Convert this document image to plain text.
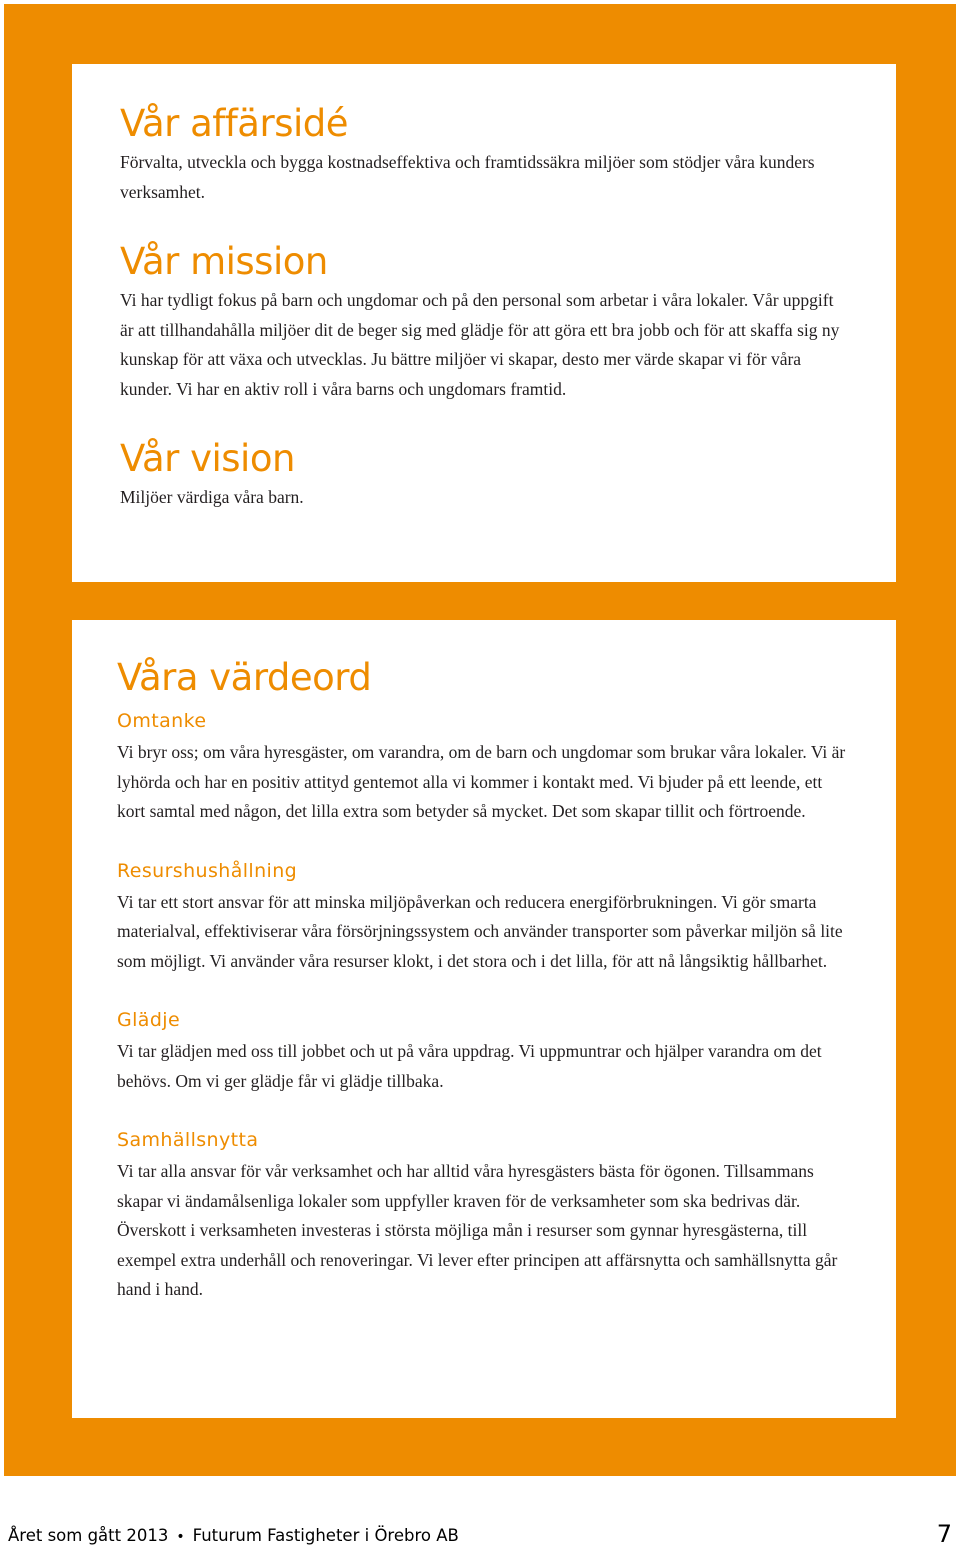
Vår affärsidé

Förvalta, utveckla och bygga kostnadseffektiva och framtidssäkra miljöer som stödjer våra kunders verksamhet.

Vår mission

Vi har tydligt fokus på barn och ungdomar och på den personal som arbetar i våra lokaler. Vår uppgift är att tillhandahålla miljöer dit de beger sig med glädje för att göra ett bra jobb och för att skaffa sig ny kunskap för att växa och utvecklas. Ju bättre miljöer vi skapar, desto mer värde skapar vi för våra kunder. Vi har en aktiv roll i våra barns och ungdomars framtid.

Vår vision

Miljöer värdiga våra barn.

Våra värdeord
Omtanke

Vi bryr oss; om våra hyresgäster, om varandra, om de barn och ungdomar som brukar våra lokaler. Vi är lyhörda och har en positiv attityd gentemot alla vi kommer i kontakt med. Vi bjuder på ett leende, ett kort samtal med någon, det lilla extra som betyder så mycket. Det som skapar tillit och förtroende.

Resurshushållning

Vi tar ett stort ansvar för att minska miljöpåverkan och reducera energiförbrukningen. Vi gör smarta materialval, effektiviserar våra försörjningssystem och använder transporter som påverkar miljön så lite som möjligt. Vi använder våra resurser klokt, i det stora och i det lilla, för att nå långsiktig hållbarhet.

Glädje

Vi tar glädjen med oss till jobbet och ut på våra uppdrag. Vi uppmuntrar och hjälper varandra om det behövs. Om vi ger glädje får vi glädje tillbaka.

Samhällsnytta

Vi tar alla ansvar för vår verksamhet och har alltid våra hyresgästers bästa för ögonen. Tillsammans skapar vi ändamålsenliga lokaler som uppfyller kraven för de verksamheter som ska bedrivas där. Överskott i verksamheten investeras i största möjliga mån i resurser som gynnar hyresgästerna, till exempel extra underhåll och renoveringar. Vi lever efter principen att affärsnytta och samhällsnytta går hand i hand.

Året som gått 2013 • Futurum Fastigheter i Örebro AB	7
